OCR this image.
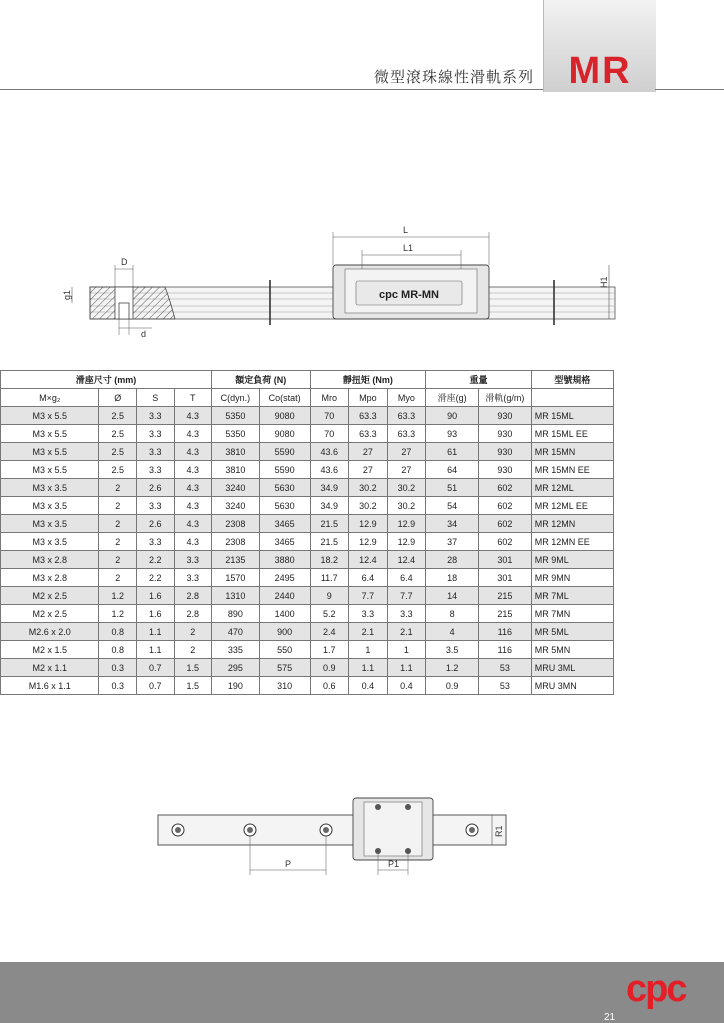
MR
微型滾珠線性滑軌系列
cpc MR-MN
L
L1
H1
D
g1
d
滑座尺寸 (mm)				額定負荷 (N)		靜扭矩 (Nm)			重量		型號規格
M×g₂	Ø	S	T	C(dyn.)	Co(stat)	Mro	Mpo	Myo	滑座(g)	滑軌(g/m)	
M3 x 5.5	2.5	3.3	4.3	5350	9080	70	63.3	63.3	90	930	MR 15ML
M3 x 5.5	2.5	3.3	4.3	5350	9080	70	63.3	63.3	93	930	MR 15ML EE
M3 x 5.5	2.5	3.3	4.3	3810	5590	43.6	27	27	61	930	MR 15MN
M3 x 5.5	2.5	3.3	4.3	3810	5590	43.6	27	27	64	930	MR 15MN EE
M3 x 3.5	2	2.6	4.3	3240	5630	34.9	30.2	30.2	51	602	MR 12ML
M3 x 3.5	2	3.3	4.3	3240	5630	34.9	30.2	30.2	54	602	MR 12ML EE
M3 x 3.5	2	2.6	4.3	2308	3465	21.5	12.9	12.9	34	602	MR 12MN
M3 x 3.5	2	3.3	4.3	2308	3465	21.5	12.9	12.9	37	602	MR 12MN EE
M3 x 2.8	2	2.2	3.3	2135	3880	18.2	12.4	12.4	28	301	MR 9ML
M3 x 2.8	2	2.2	3.3	1570	2495	11.7	6.4	6.4	18	301	MR 9MN
M2 x 2.5	1.2	1.6	2.8	1310	2440	9	7.7	7.7	14	215	MR 7ML
M2 x 2.5	1.2	1.6	2.8	890	1400	5.2	3.3	3.3	8	215	MR 7MN
M2.6 x 2.0	0.8	1.1	2	470	900	2.4	2.1	2.1	4	116	MR 5ML
M2 x 1.5	0.8	1.1	2	335	550	1.7	1	1	3.5	116	MR 5MN
M2 x 1.1	0.3	0.7	1.5	295	575	0.9	1.1	1.1	1.2	53	MRU 3ML
M1.6 x 1.1	0.3	0.7	1.5	190	310	0.6	0.4	0.4	0.9	53	MRU 3MN
P	P1
R1
21
cpc
